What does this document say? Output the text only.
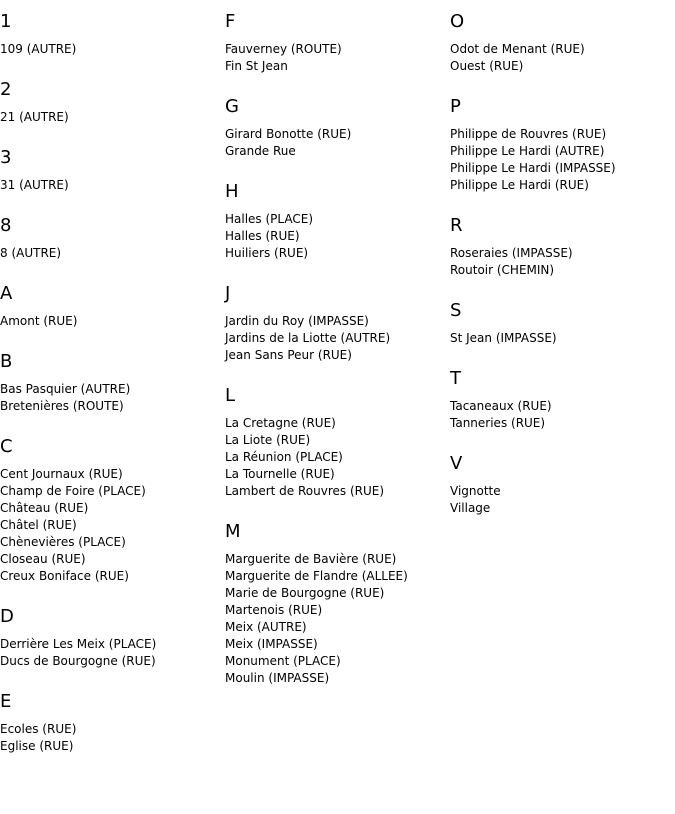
1
109 (AUTRE)
2
21 (AUTRE)
3
31 (AUTRE)
8
8 (AUTRE)
A
Amont (RUE)
B
Bas Pasquier (AUTRE)
Bretenières (ROUTE)
C
Cent Journaux (RUE)
Champ de Foire (PLACE)
Château (RUE)
Châtel (RUE)
Chènevières (PLACE)
Closeau (RUE)
Creux Boniface (RUE)
D
Derrière Les Meix (PLACE)
Ducs de Bourgogne (RUE)
E
Ecoles (RUE)
Eglise (RUE)
F
Fauverney (ROUTE)
Fin St Jean
G
Girard Bonotte (RUE)
Grande Rue
H
Halles (PLACE)
Halles (RUE)
Huiliers (RUE)
J
Jardin du Roy (IMPASSE)
Jardins de la Liotte (AUTRE)
Jean Sans Peur (RUE)
L
La Cretagne (RUE)
La Liote (RUE)
La Réunion (PLACE)
La Tournelle (RUE)
Lambert de Rouvres (RUE)
M
Marguerite de Bavière (RUE)
Marguerite de Flandre (ALLEE)
Marie de Bourgogne (RUE)
Martenois (RUE)
Meix (AUTRE)
Meix (IMPASSE)
Monument (PLACE)
Moulin (IMPASSE)
O
Odot de Menant (RUE)
Ouest (RUE)
P
Philippe de Rouvres (RUE)
Philippe Le Hardi (AUTRE)
Philippe Le Hardi (IMPASSE)
Philippe Le Hardi (RUE)
R
Roseraies (IMPASSE)
Routoir (CHEMIN)
S
St Jean (IMPASSE)
T
Tacaneaux (RUE)
Tanneries (RUE)
V
Vignotte
Village
